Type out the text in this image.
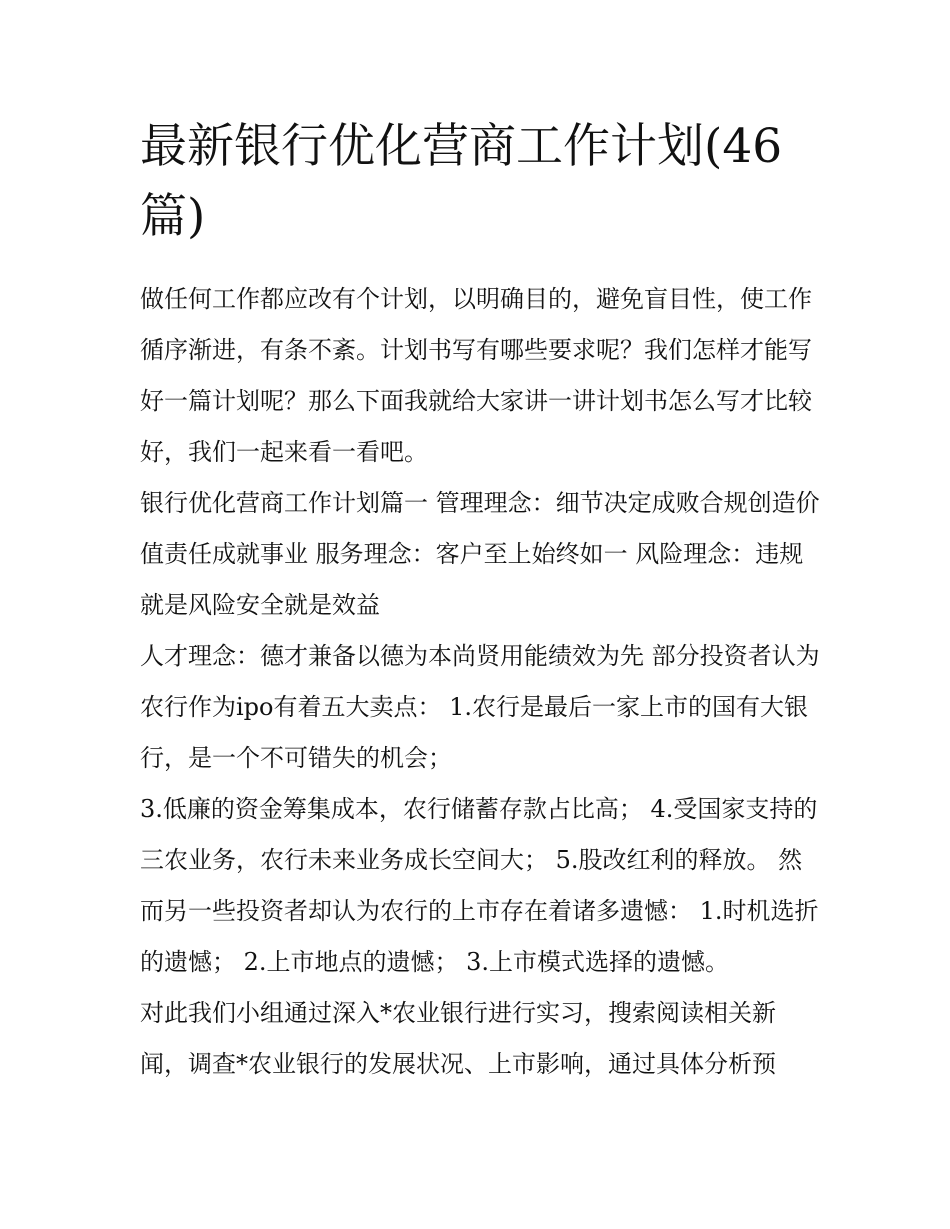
最新银行优化营商工作计划(46篇)

做任何工作都应改有个计划，以明确目的，避免盲目性，使工作循序渐进，有条不紊。计划书写有哪些要求呢？我们怎样才能写好一篇计划呢？那么下面我就给大家讲一讲计划书怎么写才比较好，我们一起来看一看吧。

银行优化营商工作计划篇一 管理理念：细节决定成败合规创造价值责任成就事业 服务理念：客户至上始终如一 风险理念：违规就是风险安全就是效益

人才理念：德才兼备以德为本尚贤用能绩效为先 部分投资者认为农行作为ipo有着五大卖点： 1.农行是最后一家上市的国有大银行，是一个不可错失的机会；

3.低廉的资金筹集成本，农行储蓄存款占比高； 4.受国家支持的三农业务，农行未来业务成长空间大； 5.股改红利的释放。 然而另一些投资者却认为农行的上市存在着诸多遗憾： 1.时机选折的遗憾； 2.上市地点的遗憾； 3.上市模式选择的遗憾。

对此我们小组通过深入*农业银行进行实习，搜索阅读相关新闻，调查*农业银行的发展状况、上市影响，通过具体分析预
